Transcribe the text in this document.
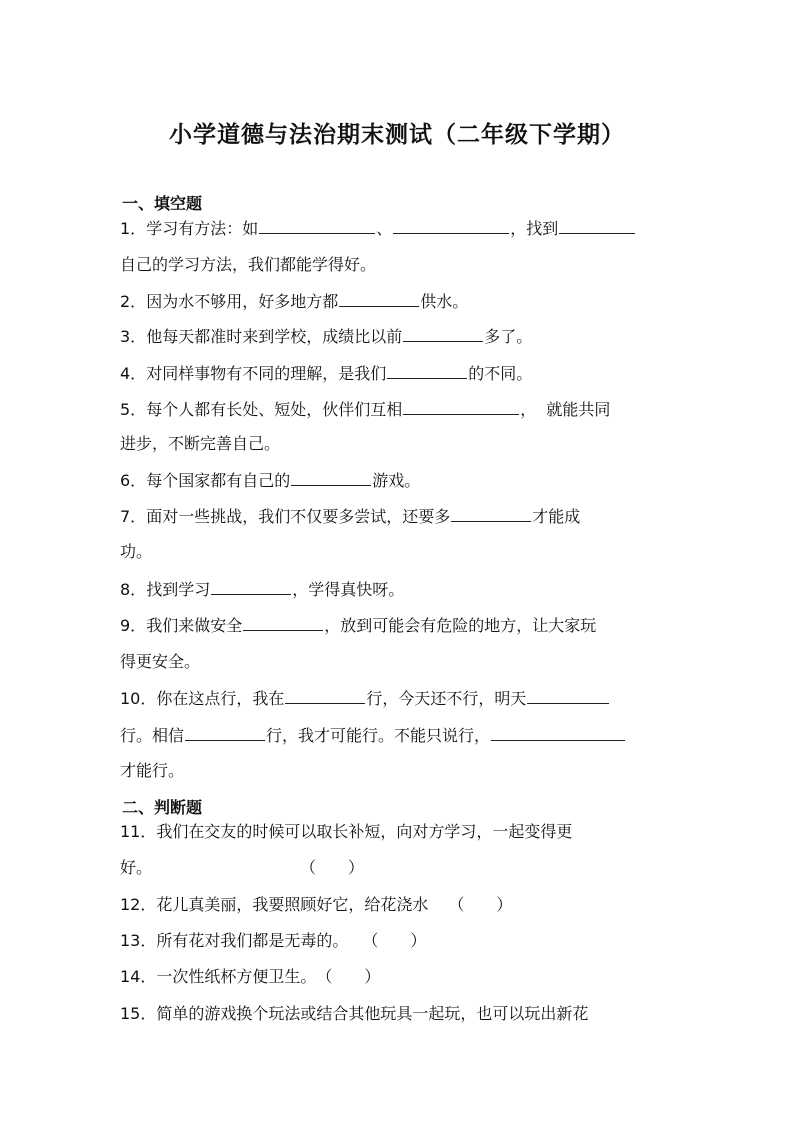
小学道德与法治期末测试（二年级下学期）
一、填空题
1．学习有方法：如	、	，找到
自己的学习方法，我们都能学得好。
2．因为水不够用，好多地方都	供水。
3．他每天都准时来到学校，成绩比以前	多了。
4．对同样事物有不同的理解，是我们	的不同。
5．每个人都有长处、短处，伙伴们互相	， 就能共同
进步，不断完善自己。
6．每个国家都有自己的	游戏。
7．面对一些挑战，我们不仅要多尝试，还要多	才能成
功。
8．找到学习	，学得真快呀。
9．我们来做安全	，放到可能会有危险的地方，让大家玩
得更安全。
10．你在这点行，我在	行，今天还不行，明天
行。相信	行，我才可能行。不能只说行，
才能行。
二、判断题
11．我们在交友的时候可以取长补短，向对方学习，一起变得更
好。	（　　）
12．花儿真美丽，我要照顾好它，给花浇水 （　　）
13．所有花对我们都是无毒的。 （　　）
14．一次性纸杯方便卫生。（　　）
15．简单的游戏换个玩法或结合其他玩具一起玩，也可以玩出新花
